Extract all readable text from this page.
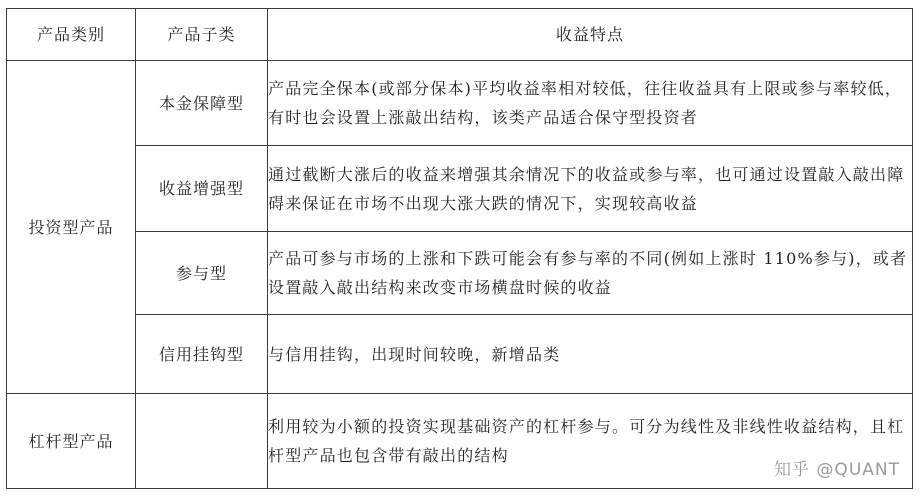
产品类别	产品子类	收益特点
投资型产品	本金保障型	产品完全保本(或部分保本)平均收益率相对较低，往往收益具有上限或参与率较低，有时也会设置上涨敲出结构，该类产品适合保守型投资者
	收益增强型	通过截断大涨后的收益来增强其余情况下的收益或参与率，也可通过设置敲入敲出障碍来保证在市场不出现大涨大跌的情况下，实现较高收益
	参与型	产品可参与市场的上涨和下跌可能会有参与率的不同(例如上涨时 110%参与)，或者设置敲入敲出结构来改变市场横盘时候的收益
	信用挂钩型	与信用挂钩，出现时间较晚，新增品类
杠杆型产品		利用较为小额的投资实现基础资产的杠杆参与。可分为线性及非线性收益结构，且杠杆型产品也包含带有敲出的结构
知乎 @QUANT
